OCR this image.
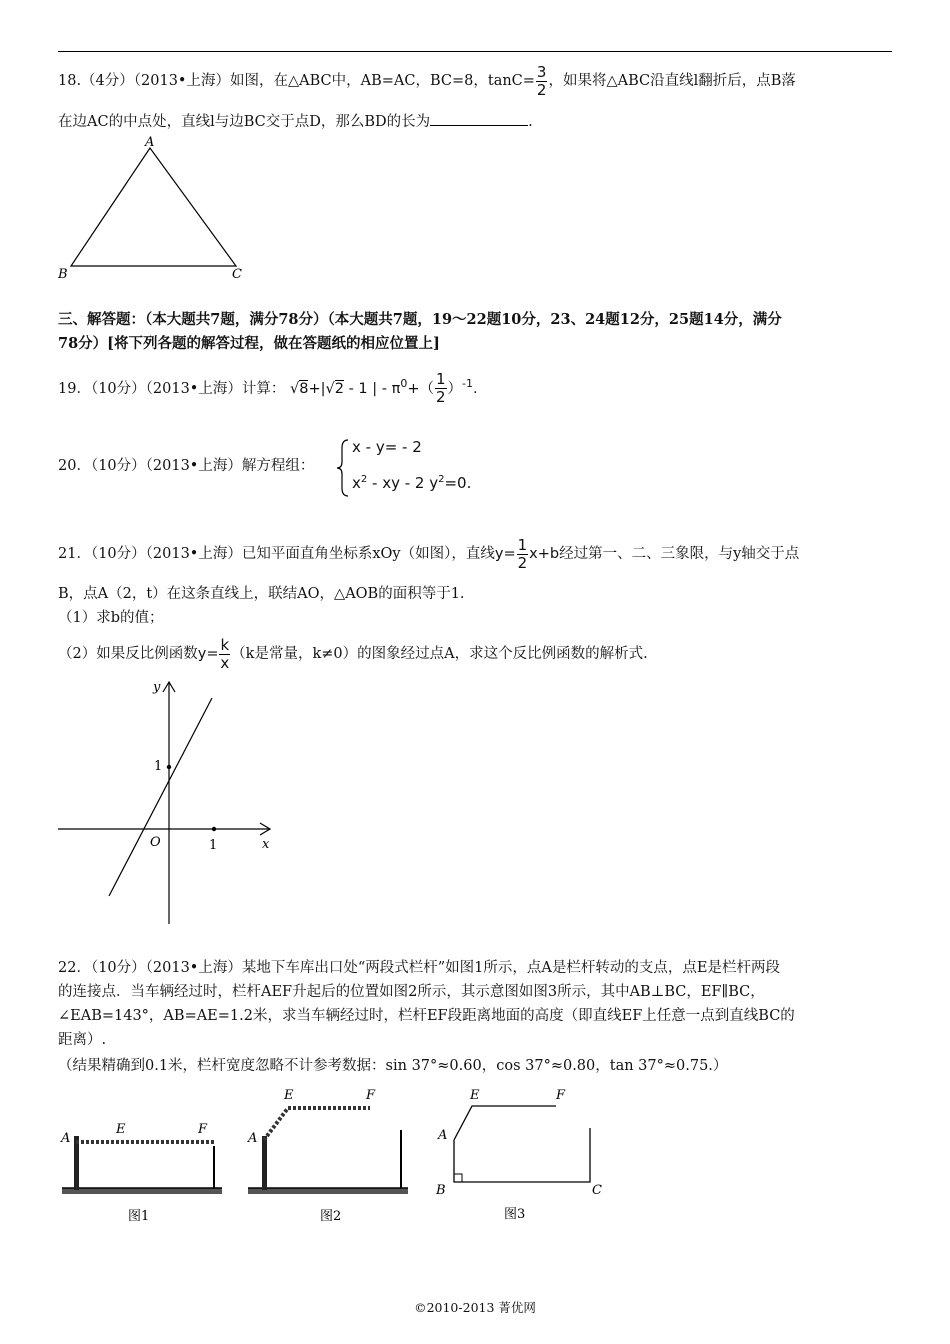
18.（4分）（2013•上海）如图，在△ABC中，AB=AC，BC=8，$\tan C= \frac{3}{2}$ ，如果将△ABC沿直线l翻折后，点B落
在边AC的中点处，直线l与边BC交于点D，那么BD的长为	.
A
B	C
三、解答题：（本大题共7题，满分78分）（本大题共7题，19～22题10分，23、24题12分，25题14分，满分
78分）[将下列各题的解答过程，做在答题纸的相应位置上]
19．（10分）（2013•上海）计算： √8+|√2 - 1 | - $\pi^0+( \frac{1}{2} )^{-1}$.
20．（10分）（2013•上海）解方程组：
x - y= - 2
$x^2$ - xy - 2 $y^2=0$.
21．（10分）（2013•上海）已知平面直角坐标系xOy（如图），直线$y= \frac{1}{2} x+b$经过第一、二、三象限，与y轴交于点
B，点A（2，t）在这条直线上，联结AO，△AOB的面积等于1.
（1）求b的值；
（2）如果反比例函数$y= \frac{k}{x} (k$是常量，k≠0）的图象经过点A，求这个反比例函数的解析式.
y
x
O
1
1
22．（10分）（2013•上海）某地下车库出口处“两段式栏杆”如图1所示，点A是栏杆转动的支点，点E是栏杆两段
的连接点．当车辆经过时，栏杆AEF升起后的位置如图2所示，其示意图如图3所示，其中AB⊥BC，EF∥BC，
∠EAB=143°，AB=AE=1.2米，求当车辆经过时，栏杆EF段距离地面的高度（即直线EF上任意一点到直线BC的
距离）.
（结果精确到0.1米，栏杆宽度忽略不计参考数据：sin 37°≈0.60，cos 37°≈0.80，tan 37°≈0.75.）
A
E	F
图1
A
E	F
图2
A
E	F
B	C
图3
©2010-2013 菁优网
